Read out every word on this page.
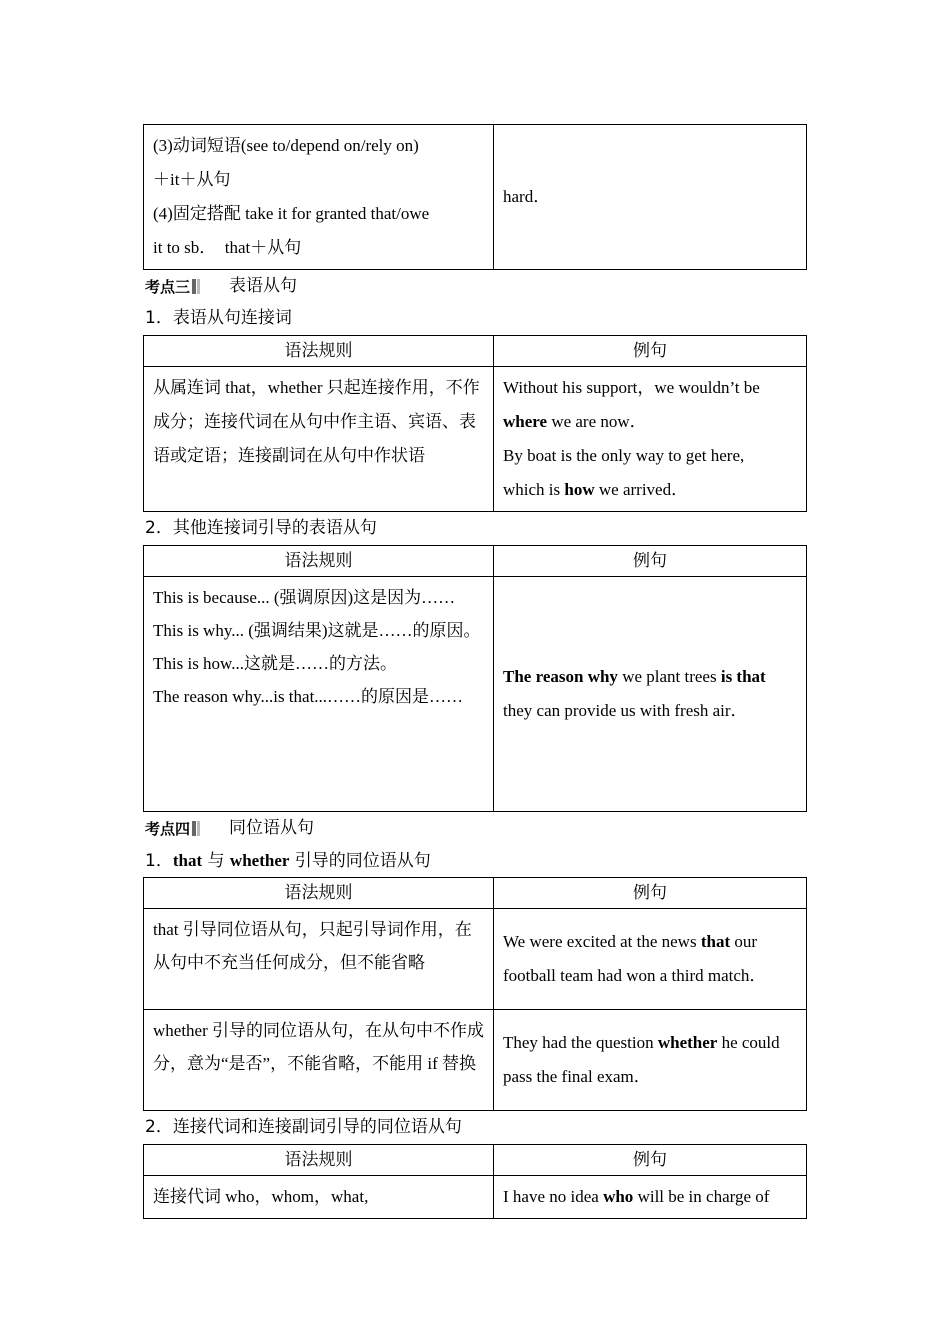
(3)动词短语(see to/depend on/rely on)
＋it＋从句
(4)固定搭配 take it for granted that/owe
it to sb．　that＋从句
	hard．
考点三	表语从句
1．表语从句连接词
语法规则	例句
从属连词 that，whether 只起连接作用，不作成分；连接代词在从句中作主语、宾语、表语或定语；连接副词在从句中作状语	Without his support，we wouldn’t be
where we are now．
By boat is the only way to get here,
which is how we arrived．
2．其他连接词引导的表语从句
语法规则	例句

This is because... (强调原因)这是因为……
This is why... (强调结果)这就是……的原因。
This is how...这就是……的方法。
The reason why...is that...……的原因是……	The reason why we plant trees is that
they can provide us with fresh air．
考点四	同位语从句
1．that 与 whether 引导的同位语从句
语法规则	例句
that 引导同位语从句，只起引导词作用，在从句中不充当任何成分，但不能省略	We were excited at the news that our football team had won a third match．
whether 引导的同位语从句，在从句中不作成分，意为“是否”，不能省略，不能用 if 替换	They had the question whether he could pass the final exam．
2．连接代词和连接副词引导的同位语从句
语法规则	例句
连接代词 who，whom，what,	I have no idea who will be in charge of
